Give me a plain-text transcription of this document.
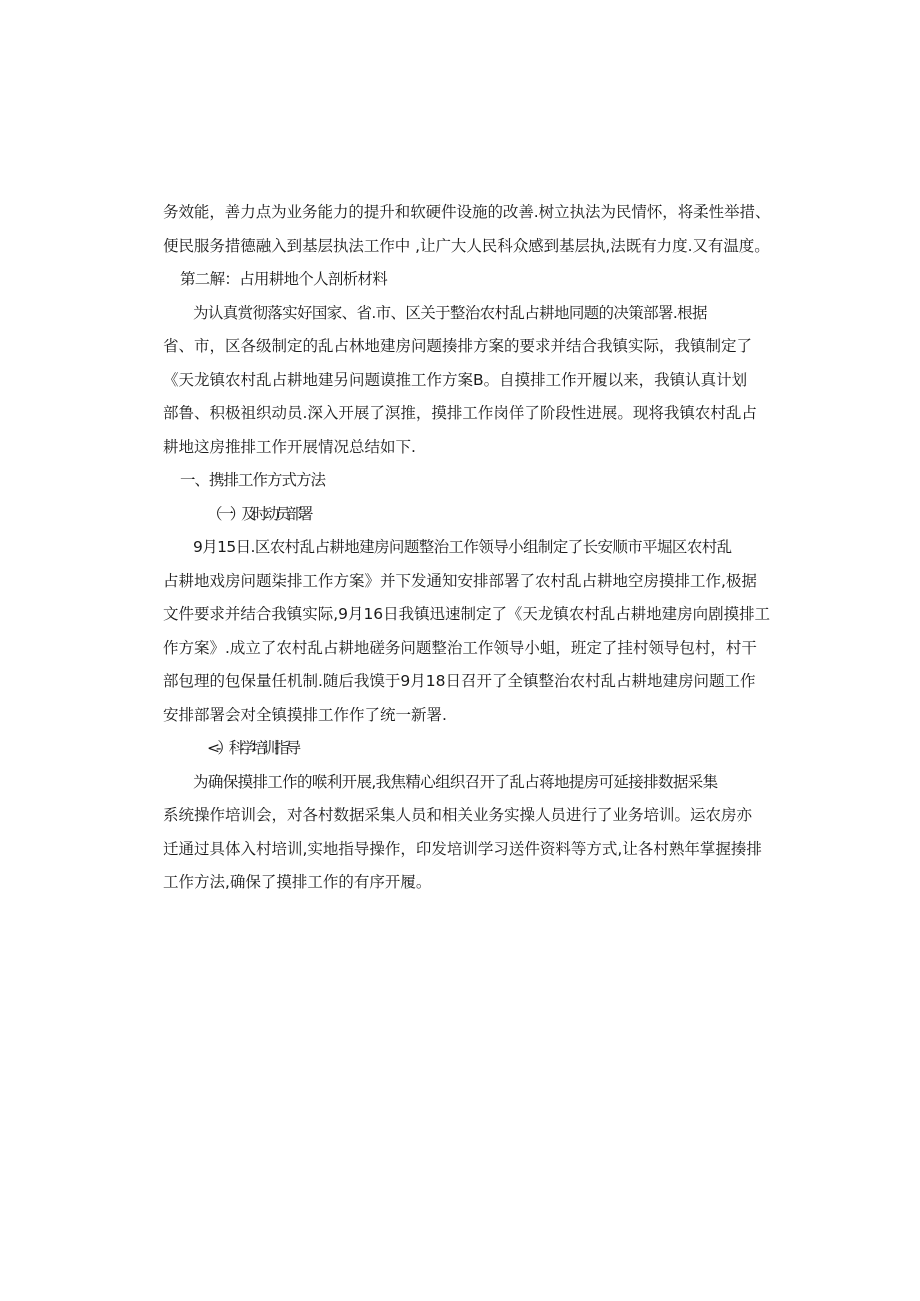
务效能，善力点为业务能力的提升和软硬件设施的改善.树立执法为民情怀，将柔性举措、
便民服务措德融入到基层执法工作中 ,让广大人民科众感到基层执,法既有力度.又有温度。
第二解：占用耕地个人剖析材料
为认真赏彻落实好国家、省.市、区关于整治农村乱占耕地同题的决策部署.根据
省、市，区各级制定的乱占林地建房问题揍排方案的要求并结合我镇实际，我镇制定了
《天龙镇农村乱占耕地建另问题谟推工作方案B。自摸排工作开履以来，我镇认真计划
部鲁、积极祖织动员.深入开展了溟推，摸排工作岗佯了阶段性进展。现将我镇农村乱占
耕地这房推排工作开展情况总结如下.
一、携排工作方式方法
（一）及时动员部署
9月15日.区农村乱占耕地建房问题整治工作领导小组制定了长安顺市平堀区农村乱
占耕地戏房问题柒排工作方案》并下发通知安排部署了农村乱占耕地空房摸排工作,极据
文件要求并结合我镇实际,9月16日我镇迅速制定了《天龙镇农村乱占耕地建房向剧摸排工
作方案》.成立了农村乱占耕地磋务问题整治工作领导小蛆，班定了挂村领导包村，村干
部包理的包保量任机制.随后我馍于9月18日召开了全镇整治农村乱占耕地建房问题工作
安排部署会对全镇摸排工作作了统一新署.
<-）科学培训指导
为确保摸排工作的喉利开展,我焦精心组织召开了乱占蒋地提房可延接排数据采集
系统操作培训会，对各村数据采集人员和相关业务实操人员进行了业务培训。运农房亦
迁通过具体入村培训,实地指导操作，印发培训学习送件资料等方式,让各村熟年掌握揍排
工作方法,确保了摸排工作的有序开履。
